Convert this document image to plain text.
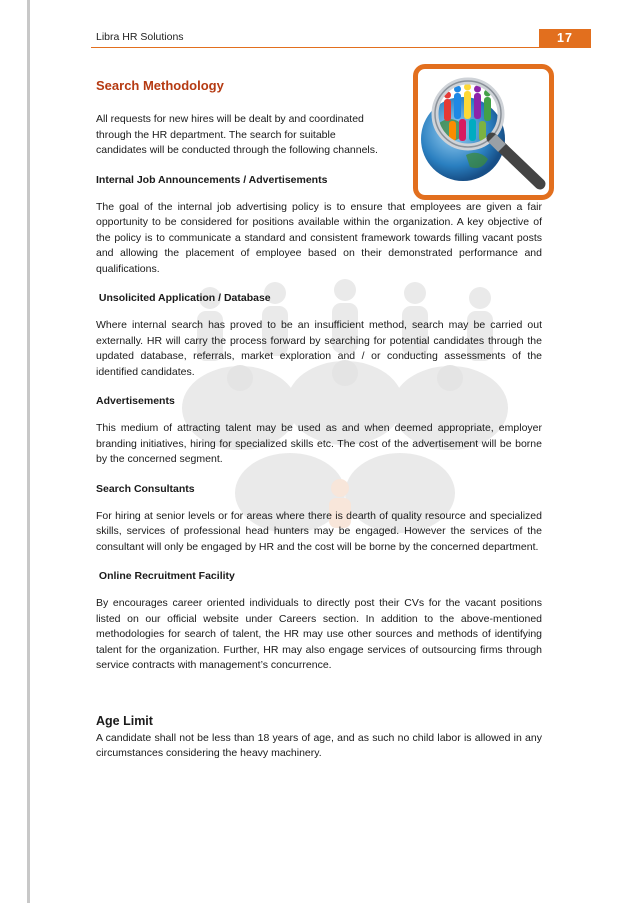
Libra HR Solutions	17
Search Methodology
All requests for new hires will be dealt by and coordinated through the HR department. The search for suitable candidates will be conducted through the following channels.
Internal Job Announcements / Advertisements
The goal of the internal job advertising policy is to ensure that employees are given a fair opportunity to be considered for positions available within the organization. A key objective of the policy is to communicate a standard and consistent framework towards filling vacant posts and allowing the placement of employee based on their demonstrated performance and qualifications.
Unsolicited Application / Database
Where internal search has proved to be an insufficient method, search may be carried out externally. HR will carry the process forward by searching for potential candidates through the updated database, referrals, market exploration and / or conducting assessments of the identified candidates.
Advertisements
This medium of attracting talent may be used as and when deemed appropriate, employer branding initiatives, hiring for specialized skills etc. The cost of the advertisement will be borne by the concerned segment.
Search Consultants
For hiring at senior levels or for areas where there is dearth of quality resource and specialized skills, services of professional head hunters may be engaged. However the services of the consultant will only be engaged by HR and the cost will be borne by the concerned department.
Online Recruitment Facility
By encourages career oriented individuals to directly post their CVs for the vacant positions listed on our official website under Careers section. In addition to the above-mentioned methodologies for search of talent, the HR may use other sources and methods of identifying talent for the organization. Further, HR may also engage services of outsourcing firms through service contracts with management’s concurrence.
Age Limit
A candidate shall not be less than 18 years of age, and as such no child labor is allowed in any circumstances considering the heavy machinery.
